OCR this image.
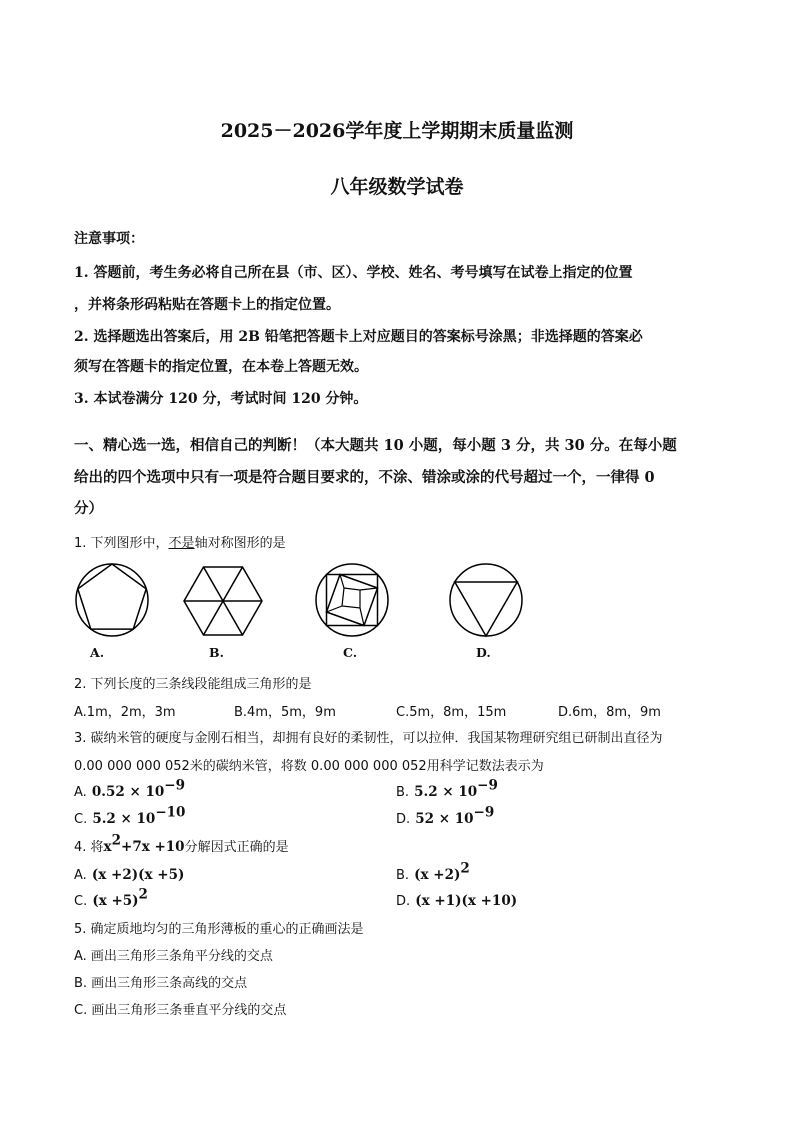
2025－2026学年度上学期期末质量监测
八年级数学试卷
注意事项：
1. 答题前，考生务必将自己所在县（市、区）、学校、姓名、考号填写在试卷上指定的位置
，并将条形码粘贴在答题卡上的指定位置。
2. 选择题选出答案后，用 2B 铅笔把答题卡上对应题目的答案标号涂黑；非选择题的答案必
须写在答题卡的指定位置，在本卷上答题无效。
3. 本试卷满分 120 分，考试时间 120 分钟。
一、精心选一选，相信自己的判断！（本大题共 10 小题，每小题 3 分，共 30 分。在每小题
给出的四个选项中只有一项是符合题目要求的，不涂、错涂或涂的代号超过一个，一律得 0
分）
1. 下列图形中，不是轴对称图形的是
A.	B.	C.	D.
2. 下列长度的三条线段能组成三角形的是
A.1m，2m，3m	B.4m，5m，9m	C.5m，8m，15m	D.6m，8m，9m
3. 碳纳米管的硬度与金刚石相当，却拥有良好的柔韧性，可以拉伸．我国某物理研究组已研制出直径为
0.00 000 000 052米的碳纳米管，将数 0.00 000 000 052用科学记数法表示为
A. $0.52 \times 10^{-9}$	B. $5.2 \times 10^{-9}$
C. $5.2 \times 10^{-10}$	D. $52 \times 10^{-9}$
4. 将$x^2+7x +10$分解因式正确的是
A. (x +2)(x +5)	B. $(x +2)^2$
C. $(x +5)^2$	D. (x +1)(x +10)
5. 确定质地均匀的三角形薄板的重心的正确画法是
A. 画出三角形三条角平分线的交点
B. 画出三角形三条高线的交点
C. 画出三角形三条垂直平分线的交点
